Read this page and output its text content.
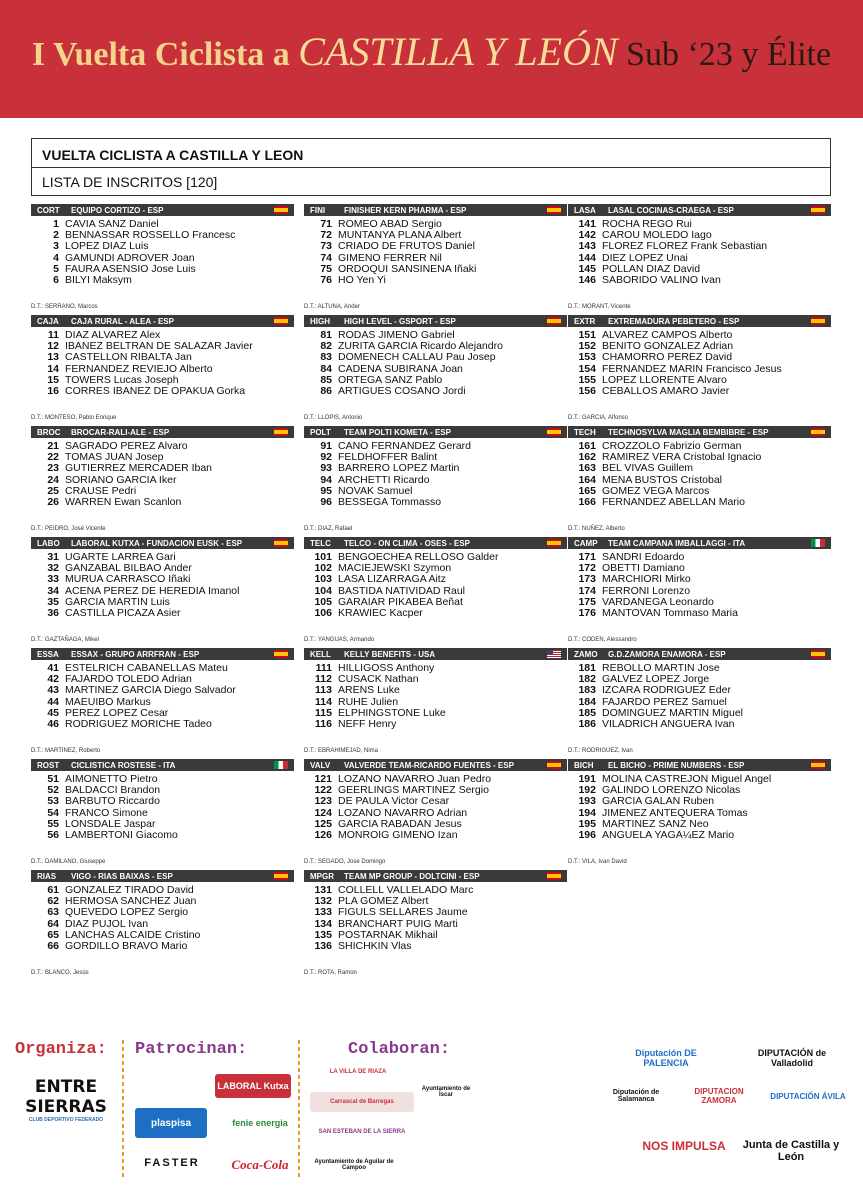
I Vuelta Ciclista a CASTILLA Y LEÓN Sub ‘23 y Élite
VUELTA CICLISTA A CASTILLA Y LEON
LISTA DE INSCRITOS [120]
CORT	EQUIPO CORTIZO - ESP
1 CAVIA SANZ Daniel
2 BENNASSAR ROSSELLO Francesc
3 LOPEZ DIAZ Luis
4 GAMUNDI ADROVER Joan
5 FAURA ASENSIO Jose Luis
6 BILYI Maksym
D.T.: SERRANO, Marcos
FINI	FINISHER KERN PHARMA - ESP
71 ROMEO ABAD Sergio
72 MUNTANYA PLANA Albert
73 CRIADO DE FRUTOS Daniel
74 GIMENO FERRER Nil
75 ORDOQUI SANSIÑENA Iñaki
76 HO Yen Yi
D.T.: ALTUNA, Ander
LASA	LASAL COCINAS-CRAEGA - ESP
141 ROCHA REGO Rui
142 CAROU MOLEDO Iago
143 FLOREZ FLOREZ Frank Sebastian
144 DIEZ LOPEZ Unai
145 POLLAN DIAZ David
146 SABORIDO VALIÑO Ivan
D.T.: MORANT, Vicente
CAJA	CAJA RURAL - ALEA - ESP
11 DIAZ ALVAREZ Alex
12 IBAÑEZ BELTRAN DE SALAZAR Javier
13 CASTELLON RIBALTA Jan
14 FERNANDEZ REVIEJO Alberto
15 TOWERS Lucas Joseph
16 CORRES IBAÑEZ DE OPAKUA Gorka
D.T.: MONTESO, Pablo Enrique
HIGH	HIGH LEVEL - GSPORT - ESP
81 RODAS JIMENO Gabriel
82 ZURITA GARCIA Ricardo Alejandro
83 DOMENECH CALLAU Pau Josep
84 CADENA SUBIRANA Joan
85 ORTEGA SANZ Pablo
86 ARTIGUES COSANO Jordi
D.T.: LLOPIS, Antonio
EXTR	EXTREMADURA PEBETERO - ESP
151 ALVAREZ CAMPOS Alberto
152 BENITO GONZALEZ Adrian
153 CHAMORRO PEREZ David
154 FERNANDEZ MARIN Francisco Jesus
155 LOPEZ LLORENTE Alvaro
156 CEBALLOS AMARO Javier
D.T.: GARCIA, Alfonso
BROC	BROCAR-RALI-ALE - ESP
21 SAGRADO PEREZ Alvaro
22 TOMAS JUAN Josep
23 GUTIERREZ MERCADER Iban
24 SORIANO GARCIA Iker
25 CRAUSE Pedri
26 WARREN Ewan Scanlon
D.T.: PEIDRO, José Vicente
POLT	TEAM POLTI KOMETA - ESP
91 CANO FERNANDEZ Gerard
92 FELDHOFFER Balint
93 BARRERO LOPEZ Martin
94 ARCHETTI Ricardo
95 NOVAK Samuel
96 BESSEGA Tommasso
D.T.: DIAZ, Rafael
TECH	TECHNOSYLVA MAGLIA BEMBIBRE - ESP
161 CROZZOLO Fabrizio German
162 RAMIREZ VERA Cristobal Ignacio
163 BEL VIVAS Guillem
164 MENA BUSTOS Cristobal
165 GOMEZ VEGA Marcos
166 FERNANDEZ ABELLAN Mario
D.T.: NUÑEZ, Alberto
LABO	LABORAL KUTXA - FUNDACION EUSK - ESP
31 UGARTE LARREA Gari
32 GANZABAL BILBAO Ander
33 MURUA CARRASCO Iñaki
34 ACENA PEREZ DE HEREDIA Imanol
35 GARCIA MARTIN Luis
36 CASTILLA PICAZA Asier
D.T.: GAZTAÑAGA, Mikel
TELC	TELCO - ON CLIMA - OSES - ESP
101 BENGOECHEA RELLOSO Galder
102 MACIEJEWSKI Szymon
103 LASA LIZARRAGA Aitz
104 BASTIDA NATIVIDAD Raul
105 GARAIAR PIKABEA Beñat
106 KRAWIEC Kacper
D.T.: YANGUAS, Armando
CAMP	TEAM CAMPANA IMBALLAGGI - ITA
171 SANDRI Edoardo
172 OBETTI Damiano
173 MARCHIORI Mirko
174 FERRONI Lorenzo
175 VARDANEGA Leonardo
176 MANTOVAN Tommaso Maria
D.T.: CODEN, Alessandro
ESSA	ESSAX - GRUPO ARRFRAN - ESP
41 ESTELRICH CABANELLAS Mateu
42 FAJARDO TOLEDO Adrian
43 MARTINEZ GARCIA Diego Salvador
44 MAEUIBO Markus
45 PEREZ LOPEZ Cesar
46 RODRIGUEZ MORICHE Tadeo
D.T.: MARTINEZ, Roberto
KELL	KELLY BENEFITS - USA
111 HILLIGOSS Anthony
112 CUSACK Nathan
113 ARENS Luke
114 RUHE Julien
115 ELPHINGSTONE Luke
116 NEFF Henry
D.T.: EBRAHIMEJAD, Nima
ZAMO	G.D.ZAMORA ENAMORA - ESP
181 REBOLLO MARTIN Jose
182 GALVEZ LOPEZ Jorge
183 IZCARA RODRIGUEZ Eder
184 FAJARDO PEREZ Samuel
185 DOMINGUEZ MARTIN Miguel
186 VILADRICH ANGUERA Ivan
D.T.: RODRIGUEZ, Ivan
ROST	CICLISTICA ROSTESE - ITA
51 AIMONETTO Pietro
52 BALDACCI Brandon
53 BARBUTO Riccardo
54 FRANCO Simone
55 LONSDALE Jaspar
56 LAMBERTONI Giacomo
D.T.: DAMILANO, Giuseppe
VALV	VALVERDE TEAM-RICARDO FUENTES - ESP
121 LOZANO NAVARRO Juan Pedro
122 GEERLINGS MARTINEZ Sergio
123 DE PAULA Victor Cesar
124 LOZANO NAVARRO Adrian
125 GARCIA RABADAN Jesus
126 MONROIG GIMENO Izan
D.T.: SEGADO, Jose Domingo
BICH	EL BICHO - PRIME NUMBERS - ESP
191 MOLINA CASTREJON Miguel Angel
192 GALINDO LORENZO Nicolas
193 GARCIA GALAN Ruben
194 JIMENEZ ANTEQUERA Tomas
195 MARTINEZ SANZ Neo
196 ANGUELA YAGÃ¼EZ Mario
D.T.: VILA, Ivan David
RIAS	VIGO - RIAS BAIXAS - ESP
61 GONZALEZ TIRADO David
62 HERMOSA SANCHEZ Juan
63 QUEVEDO LOPEZ Sergio
64 DIAZ PUJOL Ivan
65 LANCHAS ALCAIDE Cristino
66 GORDILLO BRAVO Mario
D.T.: BLANCO, Jesús
MPGR	TEAM MP GROUP - DOLTCINI - ESP
131 COLLELL VALLELADO Marc
132 PLA GOMEZ Albert
133 FIGULS SELLARES Jaume
134 BRANCHART PUIG Marti
135 POSTARNAK Mikhail
136 SHICHKIN Vlas
D.T.: ROTA, Ramon
Organiza: Patrocinan:	Colaboran:
ENTRE SIERRAS
CLUB DEPORTIVO FEDERADO
LABORAL Kutxa
plaspisa	fenie energia
FASTER	Coca-Cola
Diputación DE PALENCIA
DIPUTACIÓN de Valladolid
Diputación de Salamanca
DIPUTACION ZAMORA	DIPUTACIÓN ÁVILA
NOS IMPULSA	Junta de Castilla y León
Ayuntamiento de Aguilar de Campoo
Carrascal de Barregas
Ayuntamiento de Íscar
SAN ESTEBAN DE LA SIERRA
LA VILLA DE RIAZA
